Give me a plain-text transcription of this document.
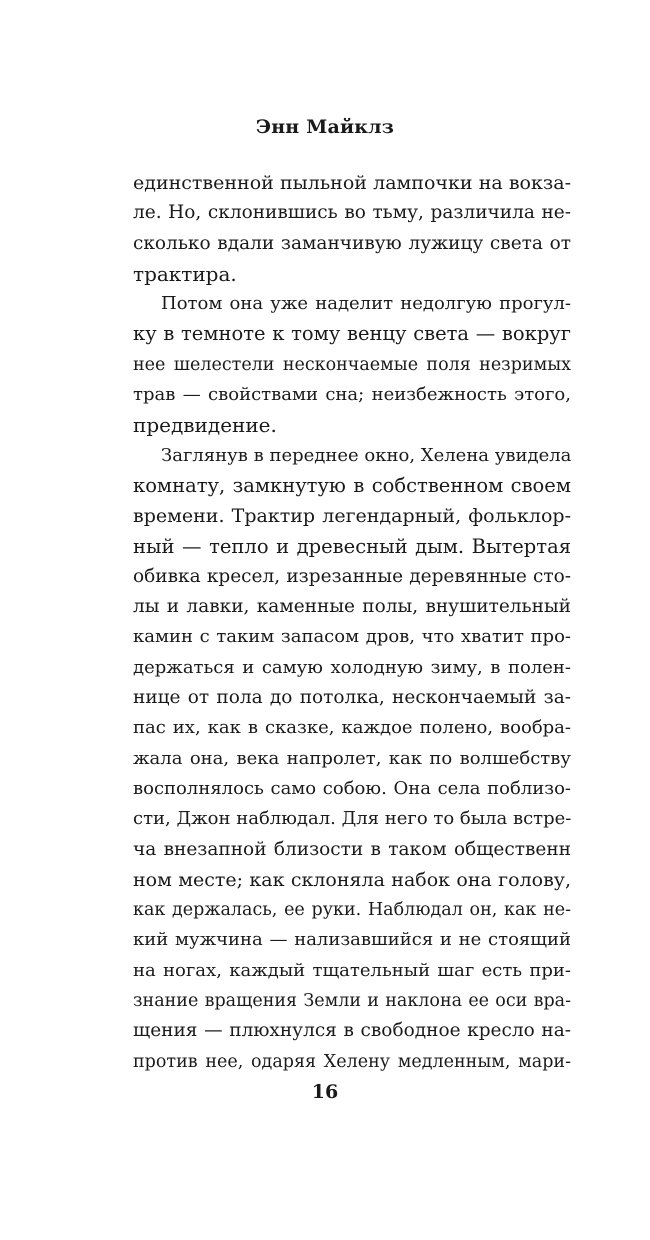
Энн Майклз
единственной пыльной лампочки на вокза-
ле. Но, склонившись во тьму, различила не-
сколько вдали заманчивую лужицу света от
трактира.
Потом она уже наделит недолгую прогул-
ку в темноте к тому венцу света — вокруг
нее шелестели нескончаемые поля незримых
трав — свойствами сна; неизбежность этого,
предвидение.
Заглянув в переднее окно, Хелена увидела
комнату, замкнутую в собственном своем
времени. Трактир легендарный, фольклор-
ный — тепло и древесный дым. Вытертая
обивка кресел, изрезанные деревянные сто-
лы и лавки, каменные полы, внушительный
камин с таким запасом дров, что хватит про-
держаться и самую холодную зиму, в полен-
нице от пола до потолка, нескончаемый за-
пас их, как в сказке, каждое полено, вообра-
жала она, века напролет, как по волшебству
восполнялось само собою. Она села поблизо-
сти, Джон наблюдал. Для него то была встре-
ча внезапной близости в таком общественн
ном месте; как склоняла набок она голову,
как держалась, ее руки. Наблюдал он, как не-
кий мужчина — нализавшийся и не стоящий
на ногах, каждый тщательный шаг есть при-
знание вращения Земли и наклона ее оси вра-
щения — плюхнулся в свободное кресло на-
против нее, одаряя Хелену медленным, мари-
16
